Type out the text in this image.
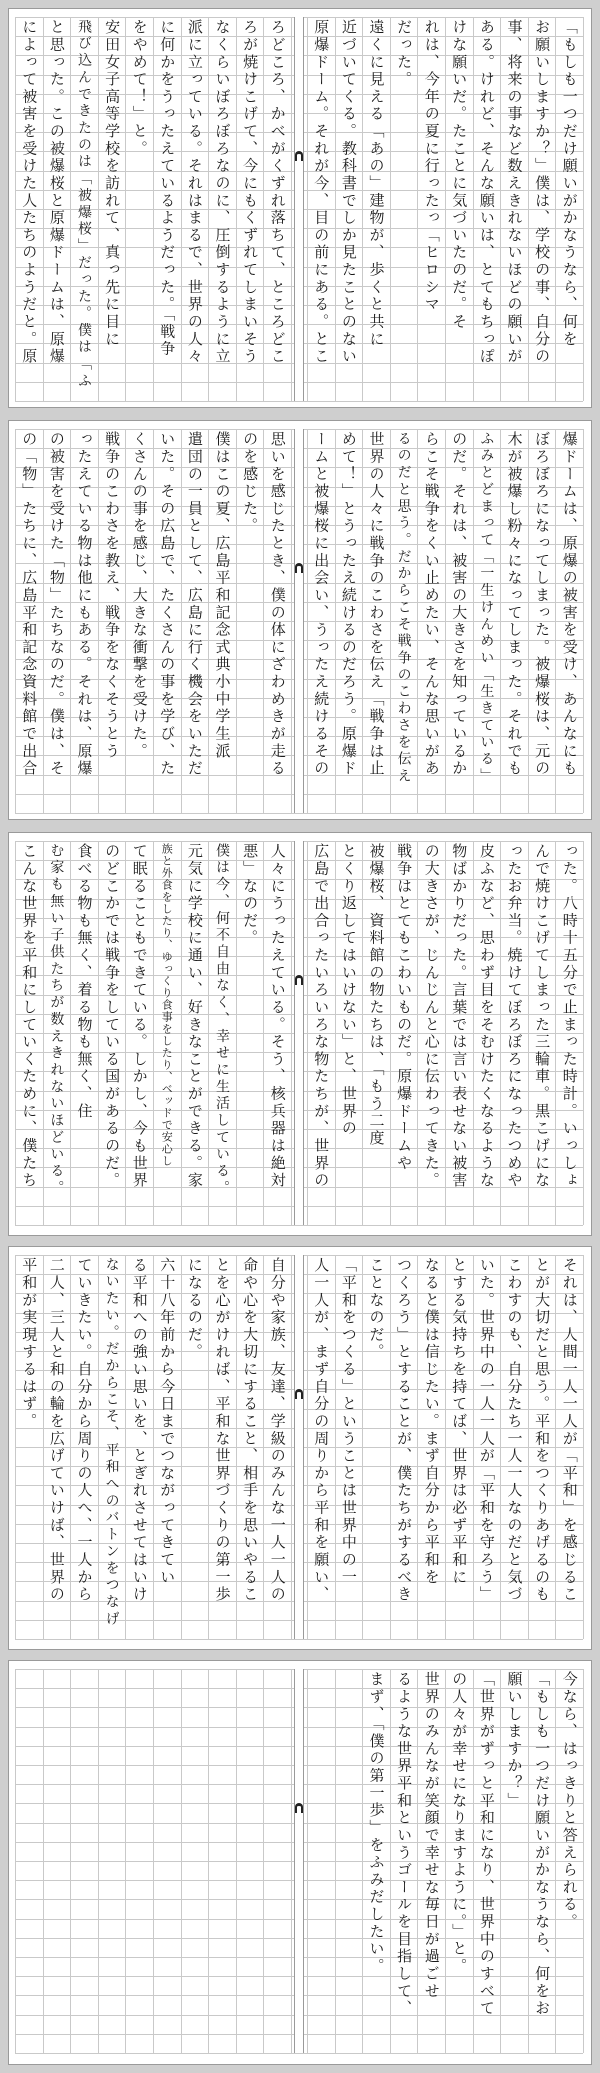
「もしも一つだけ願いがかなうなら、何を
お願いしますか？」僕は、学校の事、自分の
事、将来の事など数えきれないほどの願いが
ある。けれど、そんな願いは、とてもちっぽ
けな願いだ。たことに気づいたのだ。そ
れは、今年の夏に行ったっ「ヒロシマ
だった。
遠くに見える「あの」建物が、歩くと共に
近づいてくる。教科書でしか見たことのない
原爆ドーム。それが今、目の前にある。とこ
ろどころ、かべがくずれ落ちて、ところどこ
ろが焼けこげて、今にもくずれてしまいそう
なくらいぼろぼろなのに、圧倒するように立
派に立っている。それはまるで、世界の人々
に何かをうったえているようだった。「戦争
をやめて！」と。
安田女子高等学校を訪れて、真っ先に目に
飛び込んできたのは「被爆桜」だった。僕は「ふ
と思った。この被爆桜と原爆ドームは、原爆
によって被害を受けた人たちのようだと。原
爆ドームは、原爆の被害を受け、あんなにも
ぼろぼろになってしまった。被爆桜は、元の
木が被爆し粉々になってしまった。それでも
ふみとどまって「一生けんめい「生きている」
のだ。それは、被害の大きさを知っているか
らこそ戦争をくい止めたい、そんな思いがあ
るのだと思う。だからこそ戦争のこわさを伝え
世界の人々に戦争のこわさを伝え「戦争は止
めて！」とうったえ続けるのだろう。原爆ド
ームと被爆桜に出会い、うったえ続けるその
思いを感じたとき、僕の体にざわめきが走る
のを感じた。
僕はこの夏、広島平和記念式典小中学生派
遣団の一員として、広島に行く機会をいただ
いた。その広島で、たくさんの事を学び、た
くさんの事を感じ、大きな衝撃を受けた。
戦争のこわさを教え、戦争をなくそうとう
ったえている物は他にもある。それは、原爆
の被害を受けた「物」たちなのだ。僕は、そ
の「物」たちに、広島平和記念資料館で出合
った。八時十五分で止まった時計。いっしょ
んで焼けこげてしまった三輪車。黒こげにな
ったお弁当。焼けてぼろぼろになったつめや
皮ふなど、思わず目をそむけたくなるような
物ばかりだった。言葉では言い表せない被害
の大きさが、じんじんと心に伝わってきた。
戦争はとてもこわいものだ。原爆ドームや
被爆桜、資料館の物たちは、「もう二度
とくり返してはいけない」と、世界の
広島で出合ったいろいろな物たちが、世界の
人々にうったえている。そう、核兵器は絶対
悪」なのだ。
僕は今、何不自由なく、幸せに生活している。
元気に学校に通い、好きなことができる。家
族と外食をしたり、ゆっくり食事をしたり、ベッドで安心し
て眠ることもできている。しかし、今も世界
のどこかでは戦争をしている国があるのだ。
食べる物も無く、着る物も無く、住
む家も無い子供たちが数えきれないほどいる。
こんな世界を平和にしていくために、僕たち
それは、人間一人一人が「平和」を感じるこ
とが大切だと思う。平和をつくりあげるのも
こわすのも、自分たち一人一人なのだと気づ
いた。世界中の一人一人が「平和を守ろう」
とする気持ちを持てば、世界は必ず平和に
なると僕は信じたい。まず自分から平和を
つくろう」とすることが、僕たちがするべき
ことなのだ。
「平和をつくる」ということは世界中の一
人一人が、まず自分の周りから平和を願い、
自分や家族、友達、学級のみんな一人一人の
命や心を大切にすること、相手を思いやるこ
とを心がければ、平和な世界づくりの第一歩
になるのだ。
六十八年前から今日までつながってきてい
る平和への強い思いを、とぎれさせてはいけ
ないたい。だからこそ、平和へのバトンをつなげ
ていきたい。自分から周りの人へ、一人から
二人、三人と和の輪を広げていけば、世界の
平和が実現するはず。
今なら、はっきりと答えられる。
「もしも一つだけ願いがかなうなら、何をお
願いしますか？」
「世界がずっと平和になり、世界中のすべて
の人々が幸せになりますように。」と。
世界のみんなが笑顔で幸せな毎日が過ごせ
るような世界平和というゴールを目指して、
まず、「僕の第一歩」をふみだしたい。
